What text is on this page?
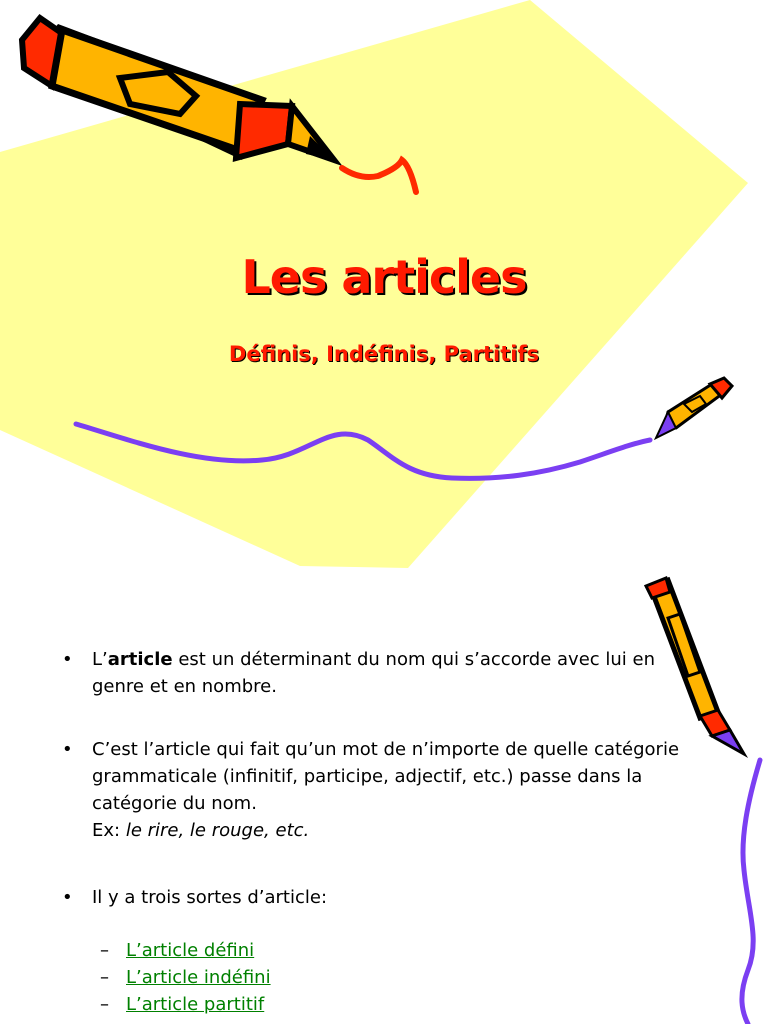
Les articles
Définis, Indéfinis, Partitifs

• L’article est un déterminant du nom qui s’accorde avec lui en genre et en nombre.

• C’est l’article qui fait qu’un mot de n’importe de quelle catégorie grammaticale (infinitif, participe, adjectif, etc.) passe dans la catégorie du nom.
Ex: le rire, le rouge, etc.

• Il y a trois sortes d’article:

– L’article défini
– L’article indéfini
– L’article partitif
